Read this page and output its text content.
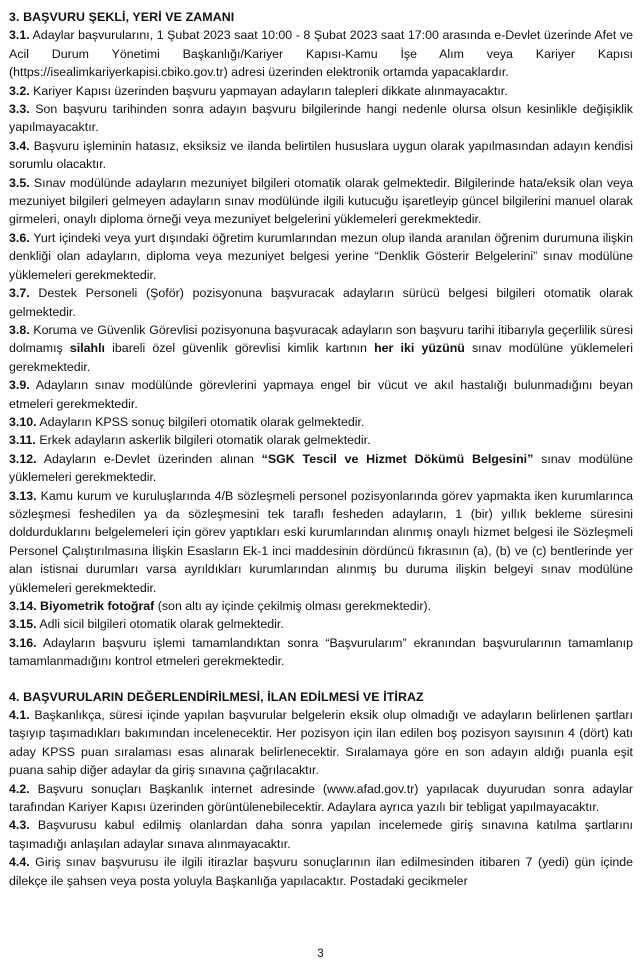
3. BAŞVURU ŞEKLİ, YERİ VE ZAMANI

3.1. Adaylar başvurularını, 1 Şubat 2023 saat 10:00 - 8 Şubat 2023 saat 17:00 arasında e-Devlet üzerinde Afet ve Acil Durum Yönetimi Başkanlığı/Kariyer Kapısı-Kamu İşe Alım veya Kariyer Kapısı (https://isealimkariyerkapisi.cbiko.gov.tr) adresi üzerinden elektronik ortamda yapacaklardır.

3.2. Kariyer Kapısı üzerinden başvuru yapmayan adayların talepleri dikkate alınmayacaktır.

3.3. Son başvuru tarihinden sonra adayın başvuru bilgilerinde hangi nedenle olursa olsun kesinlikle değişiklik yapılmayacaktır.

3.4. Başvuru işleminin hatasız, eksiksiz ve ilanda belirtilen hususlara uygun olarak yapılmasından adayın kendisi sorumlu olacaktır.

3.5. Sınav modülünde adayların mezuniyet bilgileri otomatik olarak gelmektedir. Bilgilerinde hata/eksik olan veya mezuniyet bilgileri gelmeyen adayların sınav modülünde ilgili kutucuğu işaretleyip güncel bilgilerini manuel olarak girmeleri, onaylı diploma örneği veya mezuniyet belgelerini yüklemeleri gerekmektedir.

3.6. Yurt içindeki veya yurt dışındaki öğretim kurumlarından mezun olup ilanda aranılan öğrenim durumuna ilişkin denkliği olan adayların, diploma veya mezuniyet belgesi yerine “Denklik Gösterir Belgelerini” sınav modülüne yüklemeleri gerekmektedir.

3.7. Destek Personeli (Şoför) pozisyonuna başvuracak adayların sürücü belgesi bilgileri otomatik olarak gelmektedir.

3.8. Koruma ve Güvenlik Görevlisi pozisyonuna başvuracak adayların son başvuru tarihi itibarıyla geçerlilik süresi dolmamış silahlı ibareli özel güvenlik görevlisi kimlik kartının her iki yüzünü sınav modülüne yüklemeleri gerekmektedir.

3.9. Adayların sınav modülünde görevlerini yapmaya engel bir vücut ve akıl hastalığı bulunmadığını beyan etmeleri gerekmektedir.

3.10. Adayların KPSS sonuç bilgileri otomatik olarak gelmektedir.

3.11. Erkek adayların askerlik bilgileri otomatik olarak gelmektedir.

3.12. Adayların e-Devlet üzerinden alınan “SGK Tescil ve Hizmet Dökümü Belgesini” sınav modülüne yüklemeleri gerekmektedir.

3.13. Kamu kurum ve kuruluşlarında 4/B sözleşmeli personel pozisyonlarında görev yapmakta iken kurumlarınca sözleşmesi feshedilen ya da sözleşmesini tek taraflı fesheden adayların, 1 (bir) yıllık bekleme süresini doldurduklarını belgelemeleri için görev yaptıkları eski kurumlarından alınmış onaylı hizmet belgesi ile Sözleşmeli Personel Çalıştırılmasına İlişkin Esasların Ek-1 inci maddesinin dördüncü fıkrasının (a), (b) ve (c) bentlerinde yer alan istisnai durumları varsa ayrıldıkları kurumlarından alınmış bu duruma ilişkin belgeyi sınav modülüne yüklemeleri gerekmektedir.

3.14. Biyometrik fotoğraf (son altı ay içinde çekilmiş olması gerekmektedir).

3.15. Adli sicil bilgileri otomatik olarak gelmektedir.

3.16. Adayların başvuru işlemi tamamlandıktan sonra “Başvurularım” ekranından başvurularının tamamlanıp tamamlanmadığını kontrol etmeleri gerekmektedir.

4. BAŞVURULARIN DEĞERLENDİRİLMESİ, İLAN EDİLMESİ VE İTİRAZ

4.1. Başkanlıkça, süresi içinde yapılan başvurular belgelerin eksik olup olmadığı ve adayların belirlenen şartları taşıyıp taşımadıkları bakımından incelenecektir. Her pozisyon için ilan edilen boş pozisyon sayısının 4 (dört) katı aday KPSS puan sıralaması esas alınarak belirlenecektir. Sıralamaya göre en son adayın aldığı puanla eşit puana sahip diğer adaylar da giriş sınavına çağrılacaktır.

4.2. Başvuru sonuçları Başkanlık internet adresinde (www.afad.gov.tr) yapılacak duyurudan sonra adaylar tarafından Kariyer Kapısı üzerinden görüntülenebilecektir. Adaylara ayrıca yazılı bir tebligat yapılmayacaktır.

4.3. Başvurusu kabul edilmiş olanlardan daha sonra yapılan incelemede giriş sınavına katılma şartlarını taşımadığı anlaşılan adaylar sınava alınmayacaktır.

4.4. Giriş sınav başvurusu ile ilgili itirazlar başvuru sonuçlarının ilan edilmesinden itibaren 7 (yedi) gün içinde dilekçe ile şahsen veya posta yoluyla Başkanlığa yapılacaktır. Postadaki gecikmeler

3
